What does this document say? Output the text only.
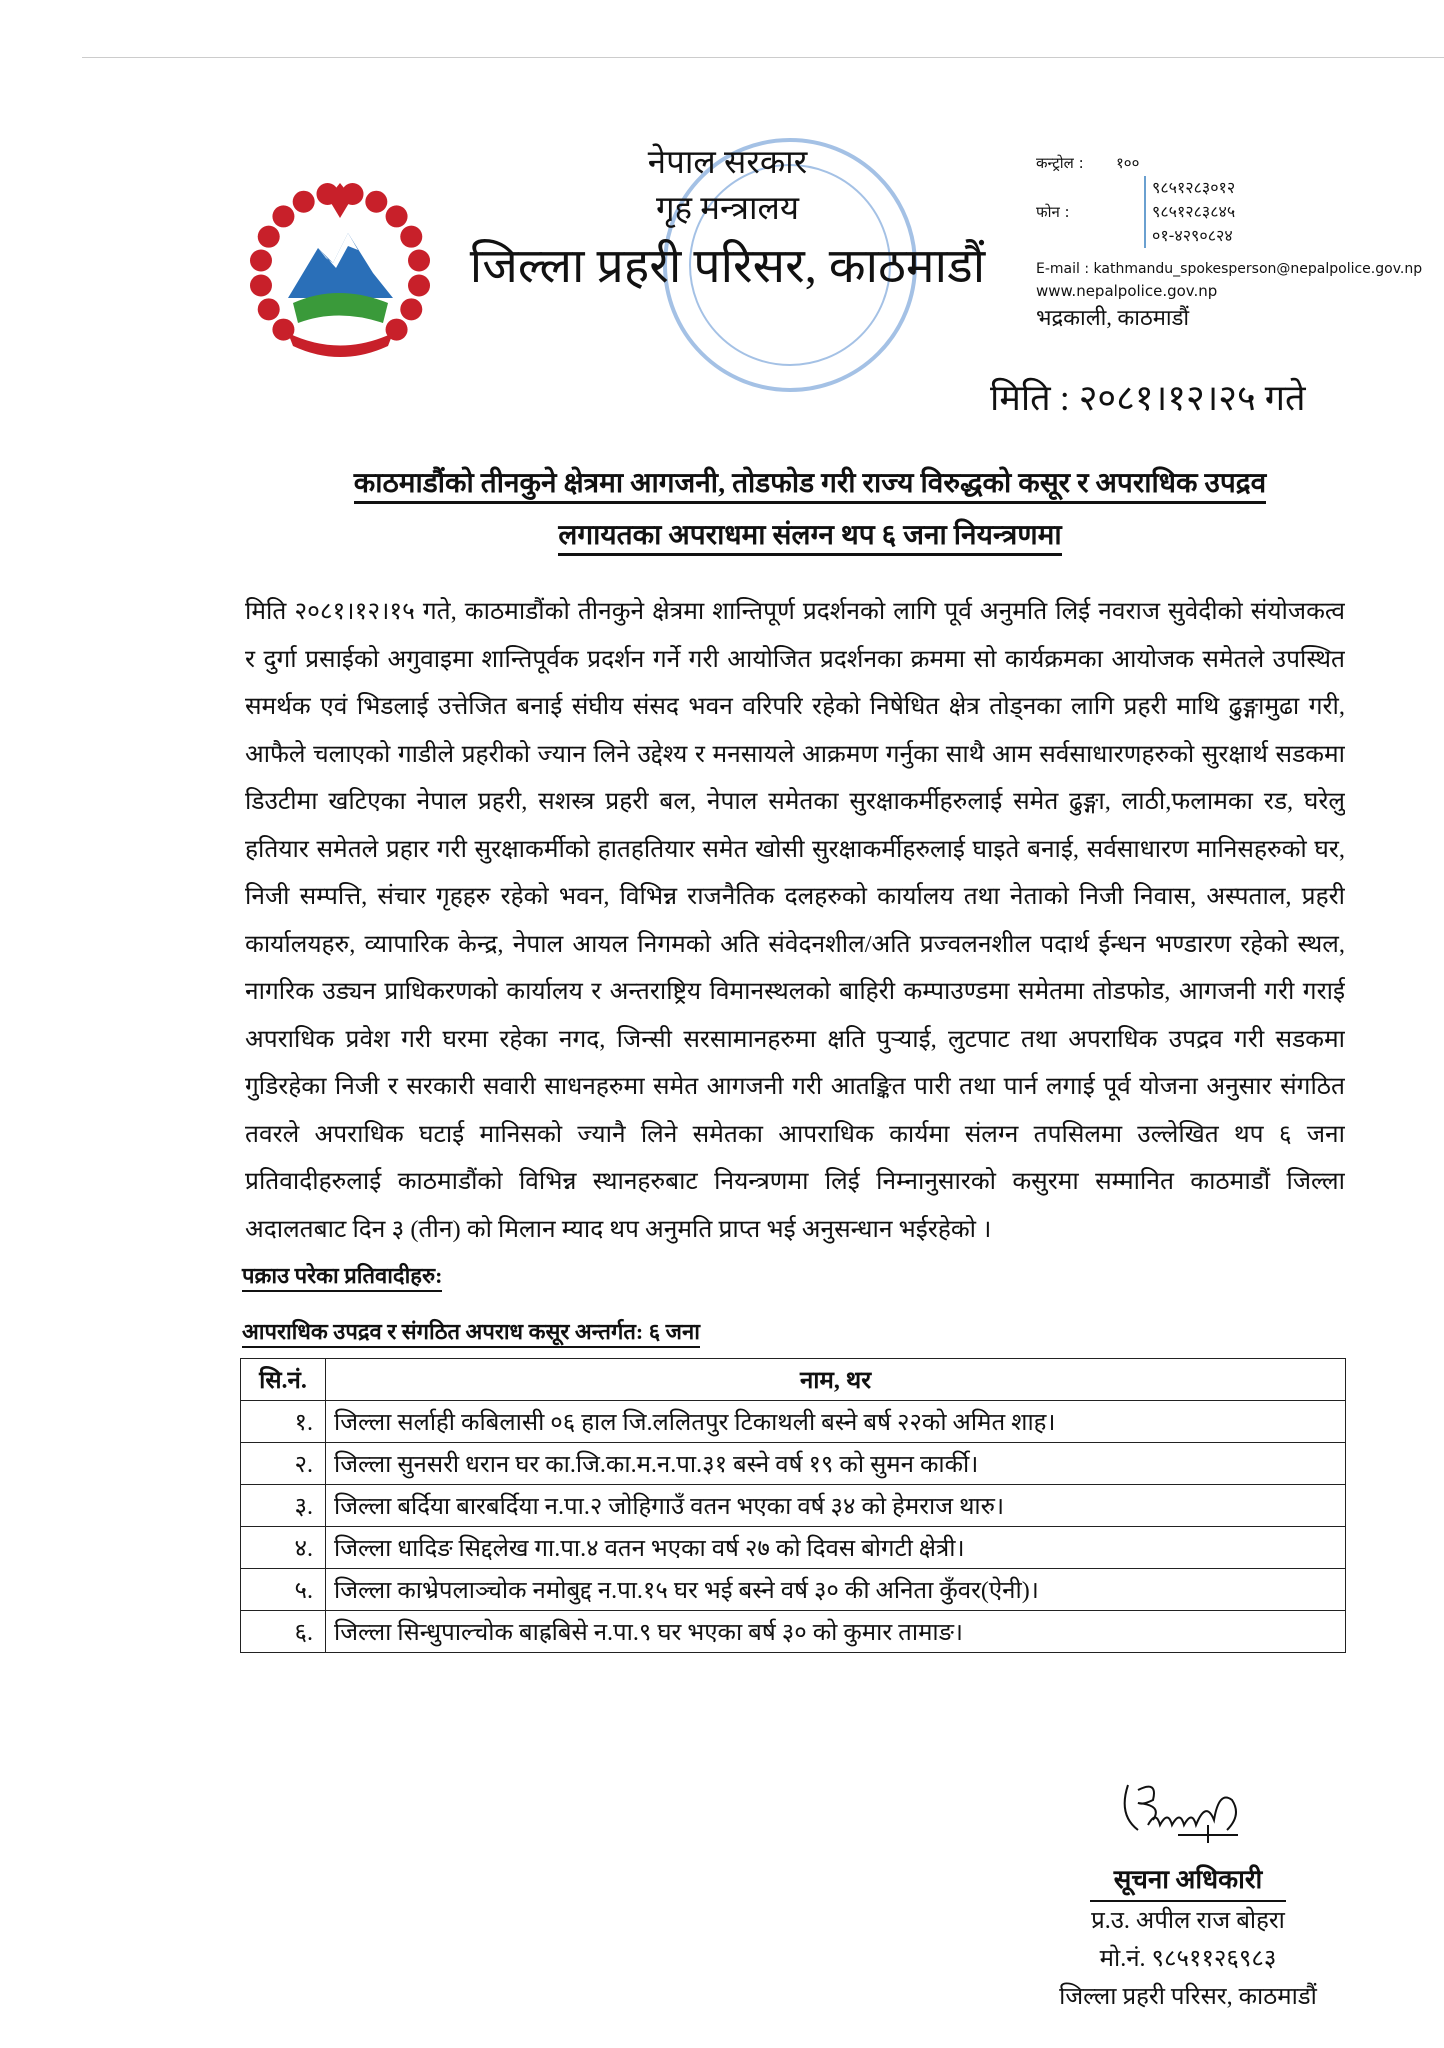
नेपाल सरकार
गृह मन्त्रालय
जिल्ला प्रहरी परिसर, काठमाडौं
कन्ट्रोल :	१००
फोन :
९८५१२८३०१२
९८५१२८३८४५
०१-४२९०८२४
E-mail : kathmandu_spokesperson@nepalpolice.gov.np
www.nepalpolice.gov.np
भद्रकाली, काठमाडौं
मिति : २०८१।१२।२५ गते
काठमाडौंको तीनकुने क्षेत्रमा आगजनी, तोडफोड गरी राज्य विरुद्धको कसूर र अपराधिक उपद्रव
लगायतका अपराधमा संलग्न थप ६ जना नियन्त्रणमा
मिति २०८१।१२।१५ गते, काठमाडौंको तीनकुने क्षेत्रमा शान्तिपूर्ण प्रदर्शनको लागि पूर्व अनुमति लिई नवराज सुवेदीको संयोजकत्व
र दुर्गा प्रसाईको अगुवाइमा शान्तिपूर्वक प्रदर्शन गर्ने गरी आयोजित प्रदर्शनका क्रममा सो कार्यक्रमका आयोजक समेतले उपस्थित
समर्थक एवं भिडलाई उत्तेजित बनाई संघीय संसद भवन वरिपरि रहेको निषेधित क्षेत्र तोड्नका लागि प्रहरी माथि ढुङ्गामुढा गरी,
आफैले चलाएको गाडीले प्रहरीको ज्यान लिने उद्देश्य र मनसायले आक्रमण गर्नुका साथै आम सर्वसाधारणहरुको सुरक्षार्थ सडकमा
डिउटीमा खटिएका नेपाल प्रहरी, सशस्त्र प्रहरी बल, नेपाल समेतका सुरक्षाकर्मीहरुलाई समेत ढुङ्गा, लाठी,फलामका रड, घरेलु
हतियार समेतले प्रहार गरी सुरक्षाकर्मीको हातहतियार समेत खोसी सुरक्षाकर्मीहरुलाई घाइते बनाई, सर्वसाधारण मानिसहरुको घर,
निजी सम्पत्ति, संचार गृहहरु रहेको भवन, विभिन्न राजनैतिक दलहरुको कार्यालय तथा नेताको निजी निवास, अस्पताल, प्रहरी
कार्यालयहरु, व्यापारिक केन्द्र, नेपाल आयल निगमको अति संवेदनशील/अति प्रज्वलनशील पदार्थ ईन्धन भण्डारण रहेको स्थल,
नागरिक उड्यन प्राधिकरणको कार्यालय र अन्तराष्ट्रिय विमानस्थलको बाहिरी कम्पाउण्डमा समेतमा तोडफोड, आगजनी गरी गराई
अपराधिक प्रवेश गरी घरमा रहेका नगद, जिन्सी सरसामानहरुमा क्षति पुऱ्याई, लुटपाट तथा अपराधिक उपद्रव गरी सडकमा
गुडिरहेका निजी र सरकारी सवारी साधनहरुमा समेत आगजनी गरी आतङ्कित पारी तथा पार्न लगाई पूर्व योजना अनुसार संगठित
तवरले अपराधिक घटाई मानिसको ज्यानै लिने समेतका आपराधिक कार्यमा संलग्न तपसिलमा उल्लेखित थप ६ जना
प्रतिवादीहरुलाई काठमाडौंको विभिन्न स्थानहरुबाट नियन्त्रणमा लिई निम्नानुसारको कसुरमा सम्मानित काठमाडौं जिल्ला
अदालतबाट दिन ३ (तीन) को मिलान म्याद थप अनुमति प्राप्त भई अनुसन्धान भईरहेको ।
पक्राउ परेका प्रतिवादीहरु:
आपराधिक उपद्रव र संगठित अपराध कसूर अन्तर्गत: ६ जना
सि.नं.	नाम, थर
१.	जिल्ला सर्लाही कबिलासी ०६ हाल जि.ललितपुर टिकाथली बस्ने बर्ष २२को अमित शाह।
२.	जिल्ला सुनसरी धरान घर का.जि.का.म.न.पा.३१ बस्ने वर्ष १९ को सुमन कार्की।
३.	जिल्ला बर्दिया बारबर्दिया न.पा.२ जोहिगाउँ वतन भएका वर्ष ३४ को हेमराज थारु।
४.	जिल्ला धादिङ सिद्दलेख गा.पा.४ वतन भएका वर्ष २७ को दिवस बोगटी क्षेत्री।
५.	जिल्ला काभ्रेपलाञ्चोक नमोबुद्द न.पा.१५ घर भई बस्ने वर्ष ३० की अनिता कुँवर(ऐनी)।
६.	जिल्ला सिन्धुपाल्चोक बाह्रबिसे न.पा.९ घर भएका बर्ष ३० को कुमार तामाङ।
सूचना अधिकारी
प्र.उ. अपील राज बोहरा
मो.नं. ९८५११२६९८३
जिल्ला प्रहरी परिसर, काठमाडौं
